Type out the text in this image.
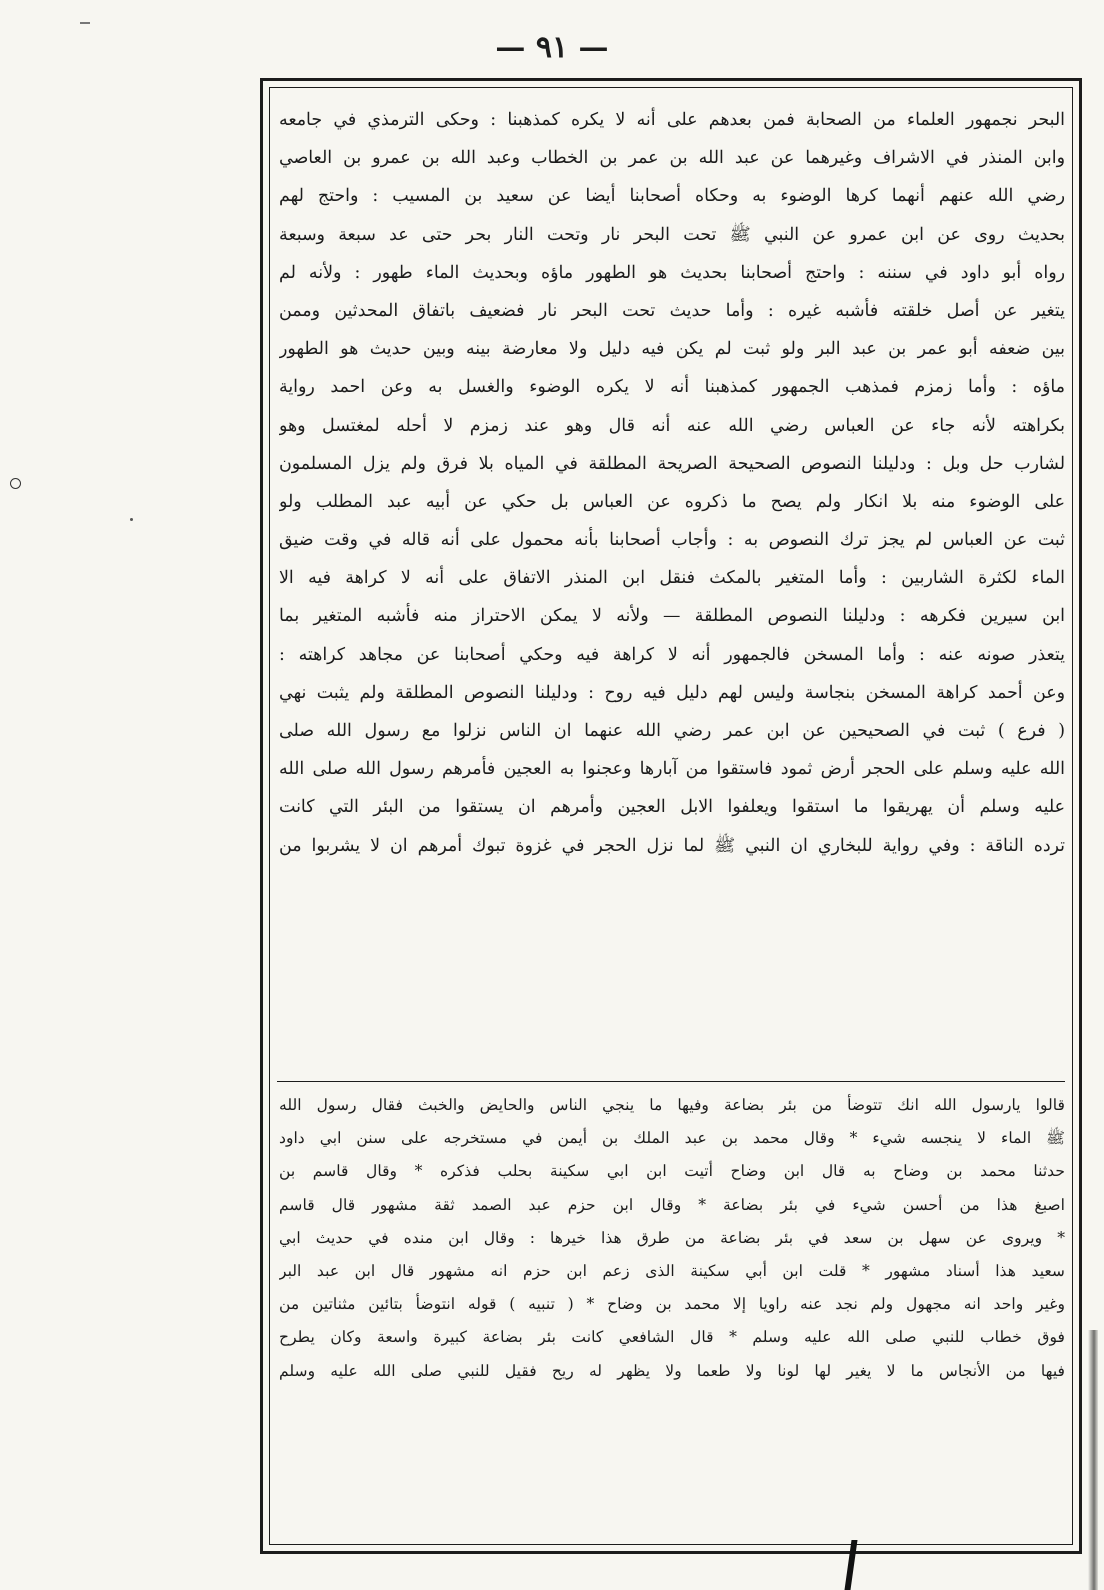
— ٩١ —
البحر نجمهور العلماء من الصحابة فمن بعدهم على أنه لا يكره كمذهبنا : وحكى الترمذي في جامعه
وابن المنذر في الاشراف وغيرهما عن عبد الله بن عمر بن الخطاب وعبد الله بن عمرو بن العاصي
رضي الله عنهم أنهما كرها الوضوء به وحكاه أصحابنا أيضا عن سعيد بن المسيب : واحتج لهم
بحديث روى عن ابن عمرو عن النبي ﷺ تحت البحر نار وتحت النار بحر حتى عد سبعة وسبعة
رواه أبو داود في سننه : واحتج أصحابنا بحديث هو الطهور ماؤه وبحديث الماء طهور : ولأنه لم
يتغير عن أصل خلقته فأشبه غيره : وأما حديث تحت البحر نار فضعيف باتفاق المحدثين وممن
بين ضعفه أبو عمر بن عبد البر ولو ثبت لم يكن فيه دليل ولا معارضة بينه وبين حديث هو الطهور
ماؤه : وأما زمزم فمذهب الجمهور كمذهبنا أنه لا يكره الوضوء والغسل به وعن احمد رواية
بكراهته لأنه جاء عن العباس رضي الله عنه أنه قال وهو عند زمزم لا أحله لمغتسل وهو
لشارب حل وبل : ودليلنا النصوص الصحيحة الصريحة المطلقة في المياه بلا فرق ولم يزل المسلمون
على الوضوء منه بلا انكار ولم يصح ما ذكروه عن العباس بل حكي عن أبيه عبد المطلب ولو
ثبت عن العباس لم يجز ترك النصوص به : وأجاب أصحابنا بأنه محمول على أنه قاله في وقت ضيق
الماء لكثرة الشاربين : وأما المتغير بالمكث فنقل ابن المنذر الاتفاق على أنه لا كراهة فيه الا
ابن سيرين فكرهه : ودليلنا النصوص المطلقة — ولأنه لا يمكن الاحتراز منه فأشبه المتغير بما
يتعذر صونه عنه : وأما المسخن فالجمهور أنه لا كراهة فيه وحكي أصحابنا عن مجاهد كراهته :
وعن أحمد كراهة المسخن بنجاسة وليس لهم دليل فيه روح : ودليلنا النصوص المطلقة ولم يثبت نهي
( فرع ) ثبت في الصحيحين عن ابن عمر رضي الله عنهما ان الناس نزلوا مع رسول الله صلى
الله عليه وسلم على الحجر أرض ثمود فاستقوا من آبارها وعجنوا به العجين فأمرهم رسول الله صلى الله
عليه وسلم أن يهريقوا ما استقوا ويعلفوا الابل العجين وأمرهم ان يستقوا من البئر التي كانت
ترده الناقة : وفي رواية للبخاري ان النبي ﷺ لما نزل الحجر في غزوة تبوك أمرهم ان لا يشربوا من
قالوا يارسول الله انك تتوضأ من بئر بضاعة وفيها ما ينجي الناس والحايض والخبث فقال رسول الله
ﷺ الماء لا ينجسه شيء * وقال محمد بن عبد الملك بن أيمن في مستخرجه على سنن ابي داود
حدثنا محمد بن وضاح به قال ابن وضاح أتيت ابن ابي سكينة بحلب فذكره * وقال قاسم بن
اصبغ هذا من أحسن شيء في بئر بضاعة * وقال ابن حزم عبد الصمد ثقة مشهور قال قاسم
* ويروى عن سهل بن سعد في بئر بضاعة من طرق هذا خيرها : وقال ابن منده في حديث ابي
سعيد هذا أسناد مشهور * قلت ابن أبي سكينة الذى زعم ابن حزم انه مشهور قال ابن عبد البر
وغير واحد انه مجهول ولم نجد عنه راويا إلا محمد بن وضاح * ( تنبيه ) قوله انتوضأ بتائين مثناتين من
فوق خطاب للنبي صلى الله عليه وسلم * قال الشافعي كانت بئر بضاعة كبيرة واسعة وكان يطرح
فيها من الأنجاس ما لا يغير لها لونا ولا طعما ولا يظهر له ريح فقيل للنبي صلى الله عليه وسلم
